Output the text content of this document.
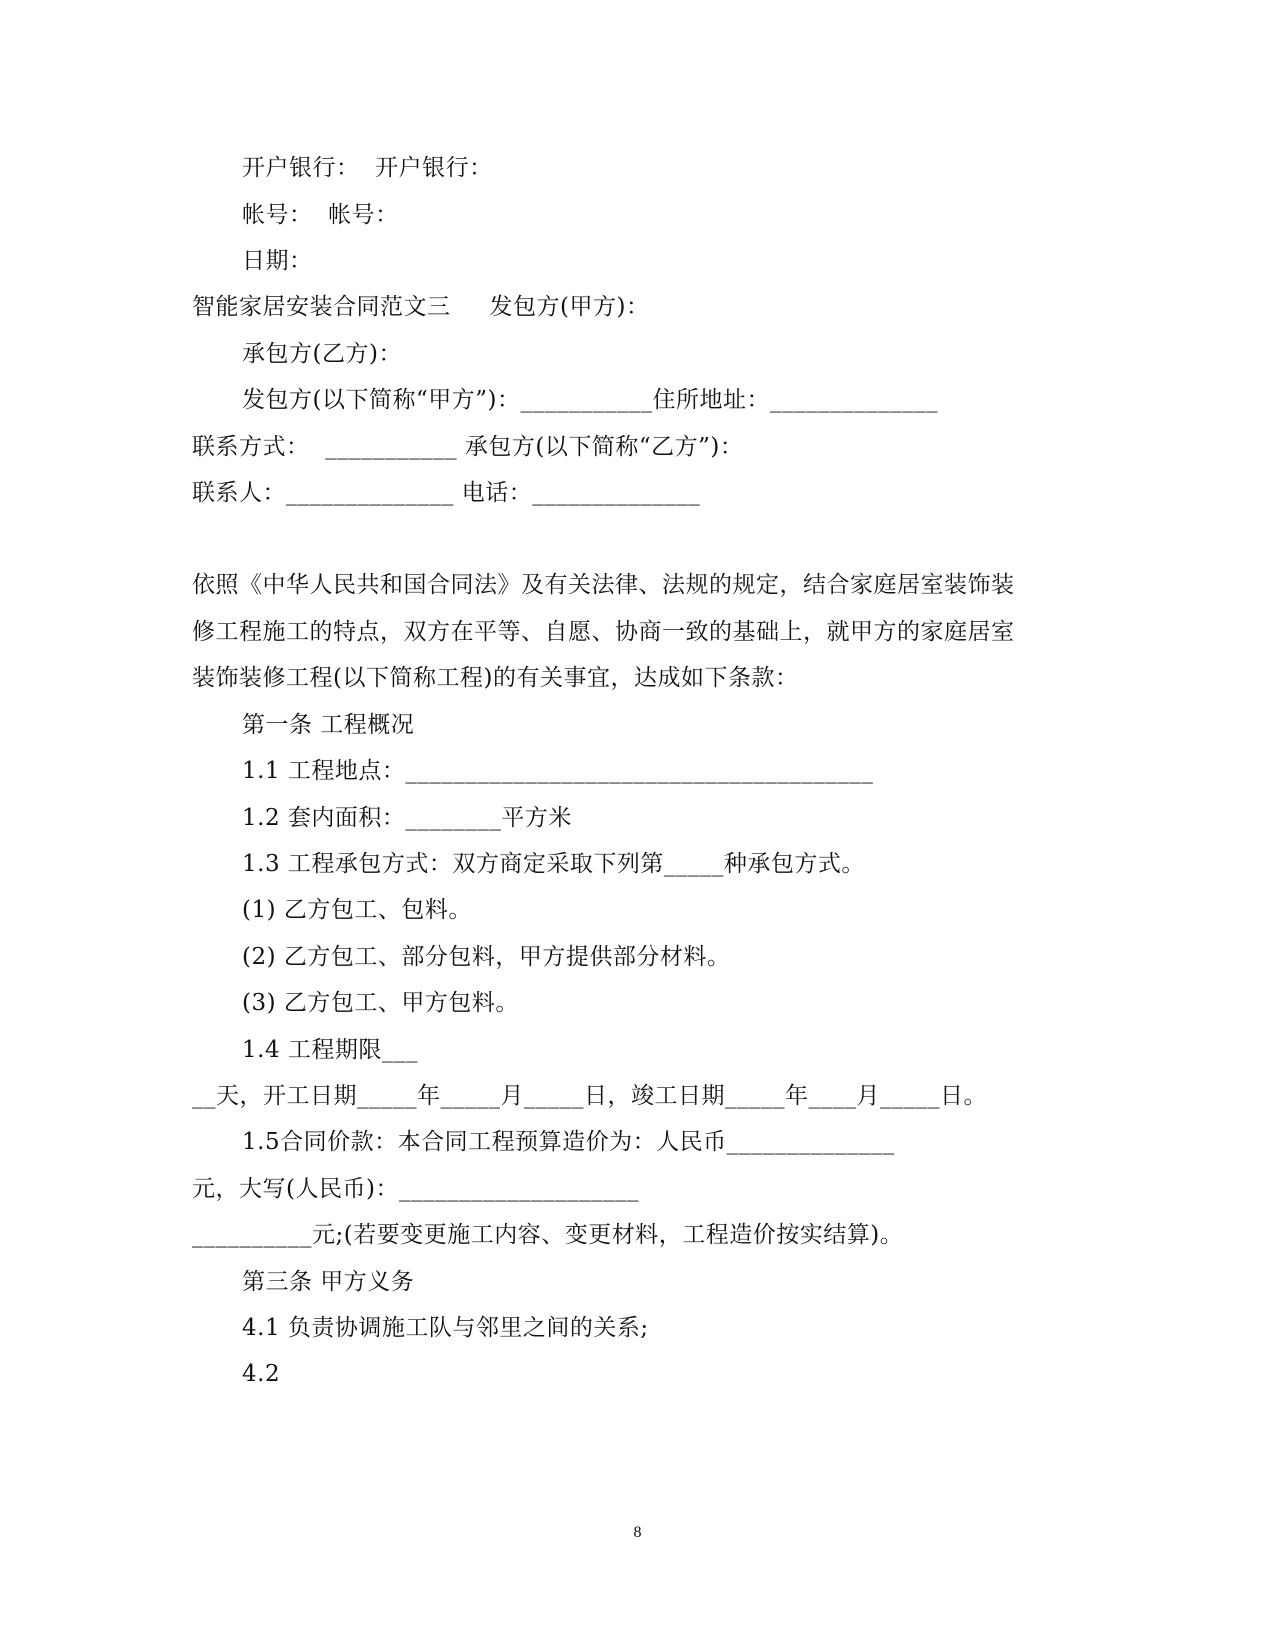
开户银行：  开户银行：
帐号：  帐号：
日期：
智能家居安装合同范文三     发包方(甲方)：
承包方(乙方)：
发包方(以下简称“甲方”)：___________住所地址：______________
联系方式：  ___________ 承包方(以下简称“乙方”)：
联系人：______________ 电话：______________
依照《中华人民共和国合同法》及有关法律、法规的规定，结合家庭居室装饰装
修工程施工的特点，双方在平等、自愿、协商一致的基础上，就甲方的家庭居室
装饰装修工程(以下简称工程)的有关事宜，达成如下条款：
第一条 工程概况
1.1 工程地点：_______________________________________
1.2 套内面积：________平方米
1.3 工程承包方式：双方商定采取下列第_____种承包方式。
(1) 乙方包工、包料。
(2) 乙方包工、部分包料，甲方提供部分材料。
(3) 乙方包工、甲方包料。
1.4 工程期限___
__天，开工日期_____年_____月_____日，竣工日期_____年____月_____日。
1.5合同价款：本合同工程预算造价为：人民币______________
元，大写(人民币)：____________________
__________元;(若要变更施工内容、变更材料，工程造价按实结算)。
第三条 甲方义务
4.1 负责协调施工队与邻里之间的关系;
4.2
8
